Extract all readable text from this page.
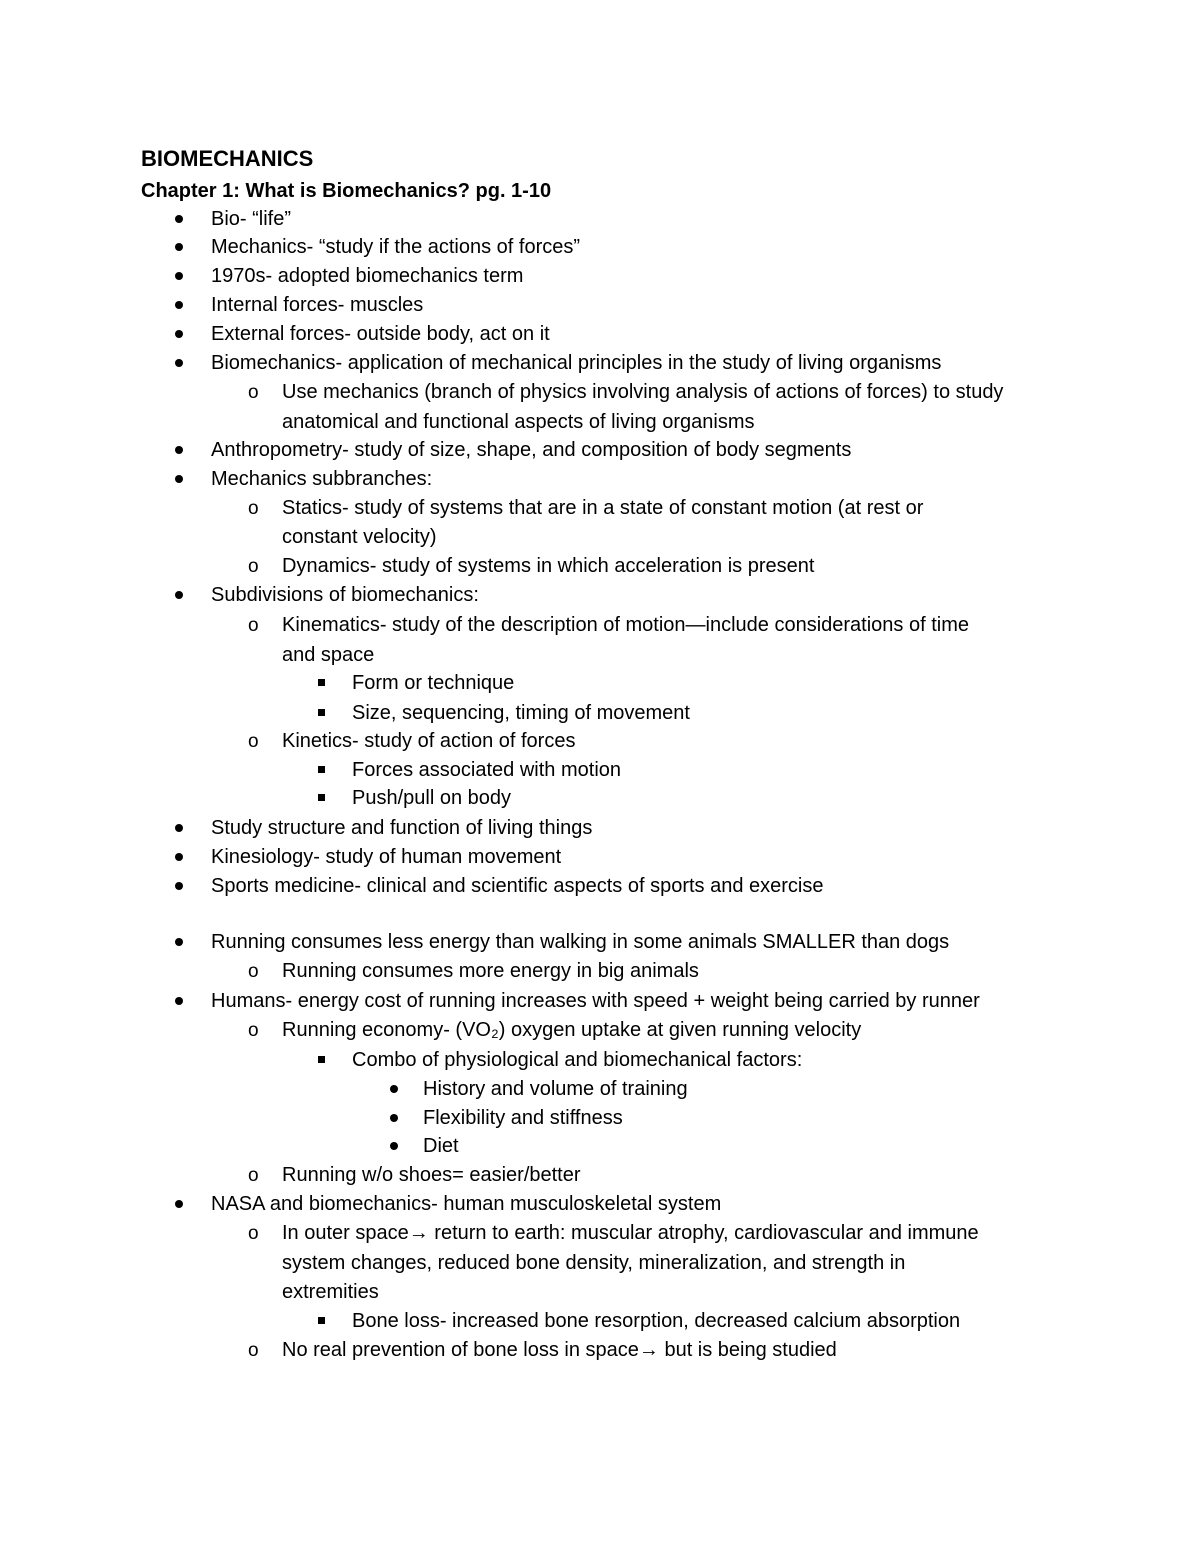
BIOMECHANICS
Chapter 1: What is Biomechanics? pg. 1-10
Bio- “life”
Mechanics- “study if the actions of forces”
1970s- adopted biomechanics term
Internal forces- muscles
External forces- outside body, act on it
Biomechanics- application of mechanical principles in the study of living organisms
o Use mechanics (branch of physics involving analysis of actions of forces) to study
anatomical and functional aspects of living organisms
Anthropometry- study of size, shape, and composition of body segments
Mechanics subbranches:
o Statics- study of systems that are in a state of constant motion (at rest or
constant velocity)
o Dynamics- study of systems in which acceleration is present
Subdivisions of biomechanics:
o Kinematics- study of the description of motion—include considerations of time
and space
Form or technique
Size, sequencing, timing of movement
o Kinetics- study of action of forces
Forces associated with motion
Push/pull on body
Study structure and function of living things
Kinesiology- study of human movement
Sports medicine- clinical and scientific aspects of sports and exercise
Running consumes less energy than walking in some animals SMALLER than dogs
o Running consumes more energy in big animals
Humans- energy cost of running increases with speed + weight being carried by runner
o Running economy- (VO₂) oxygen uptake at given running velocity
Combo of physiological and biomechanical factors:
History and volume of training
Flexibility and stiffness
Diet
o Running w/o shoes= easier/better
NASA and biomechanics- human musculoskeletal system
o In outer space→ return to earth: muscular atrophy, cardiovascular and immune
system changes, reduced bone density, mineralization, and strength in
extremities
Bone loss- increased bone resorption, decreased calcium absorption
o No real prevention of bone loss in space→ but is being studied
